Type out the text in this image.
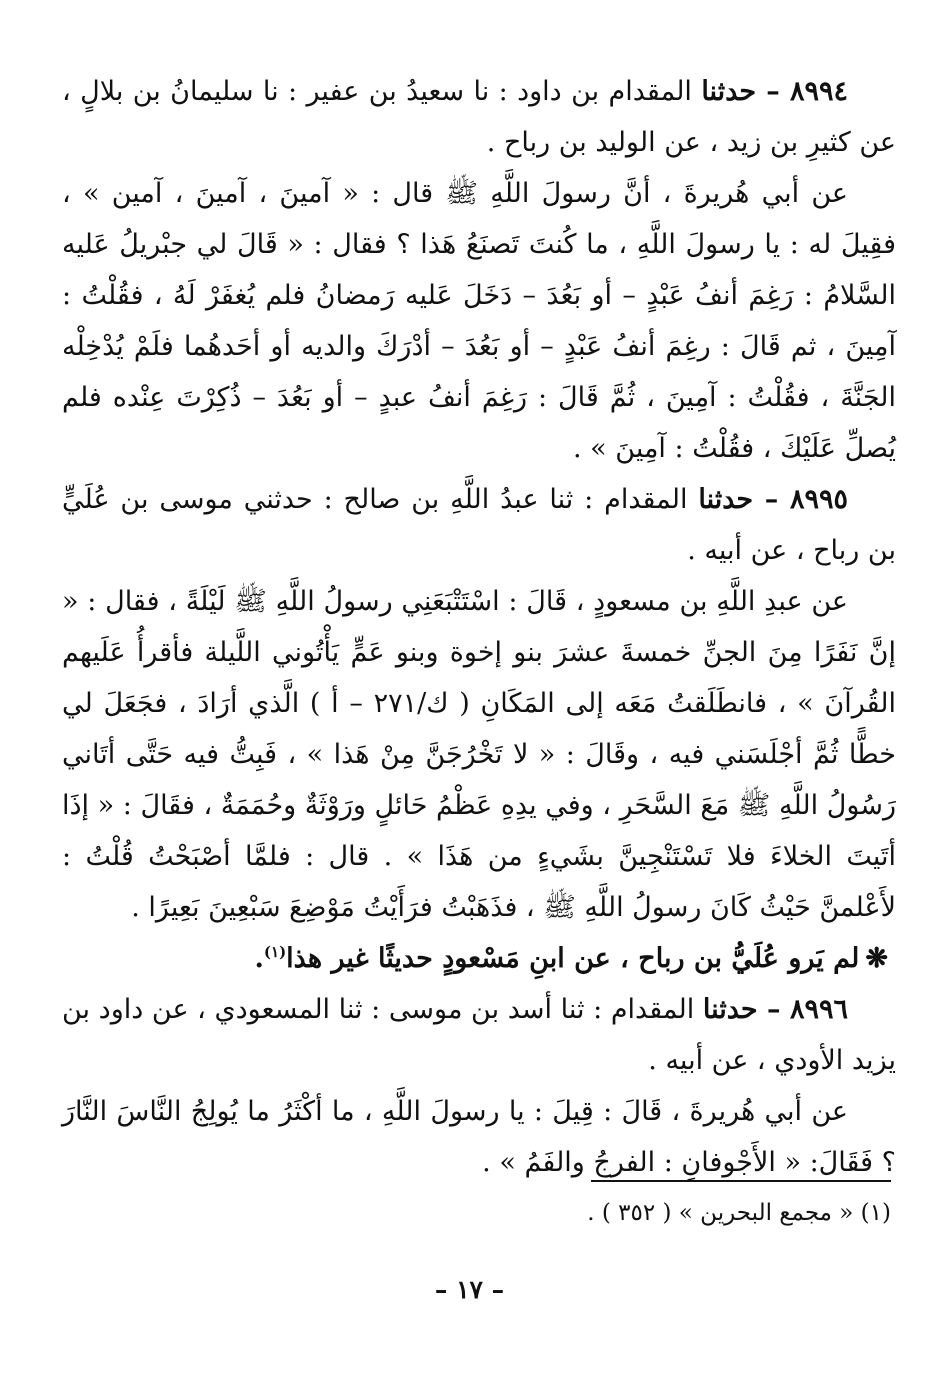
٨٩٩٤ – حدثنا المقدام بن داود : نا سعيدُ بن عفير : نا سليمانُ بن بلالٍ ، عن كثيرِ بن زيد ، عن الوليد بن رباح .

عن أبي هُريرةَ ، أنَّ رسولَ اللَّهِ ﷺ قال : « آمينَ ، آمينَ ، آمين » ، فقِيلَ له : يا رسولَ اللَّهِ ، ما كُنتَ تَصنَعُ هَذا ؟ فقال : « قَالَ لي جبْريلُ عَليه السَّلامُ : رَغِمَ أنفُ عَبْدٍ – أو بَعُدَ – دَخَلَ عَليه رَمضانُ فلم يُغفَرْ لَهُ ، فقُلْتُ : آمِينَ ، ثم قَالَ : رغِمَ أنفُ عَبْدٍ – أو بَعُدَ – أدْرَكَ والديه أو أحَدهُما فلَمْ يُدْخِلْه الجَنَّةَ ، فقُلْتُ : آمِينَ ، ثُمَّ قَالَ : رَغِمَ أنفُ عبدٍ – أو بَعُدَ – ذُكِرْتَ عِنْده فلم يُصلِّ عَلَيْكَ ، فقُلْتُ : آمِينَ » .

٨٩٩٥ – حدثنا المقدام : ثنا عبدُ اللَّهِ بن صالح : حدثني موسى بن عُلَيٍّ بن رباح ، عن أبيه .

عن عبدِ اللَّهِ بن مسعودٍ ، قَالَ : اسْتَتْبَعَنِي رسولُ اللَّهِ ﷺ لَيْلَةً ، فقال : « إنَّ نَفَرًا مِنَ الجنِّ خمسةَ عشرَ بنو إخوة وبنو عَمٍّ يَأْتُوني اللَّيلة فأقرأُ عَلَيهم القُرآنَ » ، فانطَلَقتُ مَعَه إلى المَكَانِ ( ك/٢٧١ – أ ) الَّذي أرَادَ ، فجَعَلَ لي خطًّا ثُمَّ أجْلَسَني فيه ، وقَالَ : « لا تَخْرُجَنَّ مِنْ هَذا » ، فَبِتُّ فيه حَتَّى أتَاني رَسُولُ اللَّهِ ﷺ مَعَ السَّحَرِ ، وفي يدِهِ عَظْمُ حَائلٍ ورَوْثَةٌ وحُمَمَةٌ ، فقَالَ : « إذَا أتَيتَ الخلاءَ فلا تَسْتَنْجِينَّ بشَيءٍ من هَذَا » . قال : فلمَّا أصْبَحْتُ قُلْتُ : لأَعْلمنَّ حَيْثُ كَانَ رسولُ اللَّهِ ﷺ ، فذَهَبْتُ فرَأَيْتُ مَوْضِعَ سَبْعِينَ بَعِيرًا .

❋لم يَرو عُلَيُّ بن رباح ، عن ابنِ مَسْعودٍ حديثًا غير هذا$^{(١)}$.

٨٩٩٦ – حدثنا المقدام : ثنا أسد بن موسى : ثنا المسعودي ، عن داود بن يزيد الأودي ، عن أبيه .

عن أبي هُريرةَ ، قَالَ : قِيلَ : يا رسولَ اللَّهِ ، ما أكْثَرُ ما يُولِجُ النَّاسَ النَّارَ ؟ فَقَالَ: « الأَجْوفانِ : الفرجُ والفَمُ » .

(١) « مجمع البحرين » ( ٣٥٢ ) .
– ١٧ –
